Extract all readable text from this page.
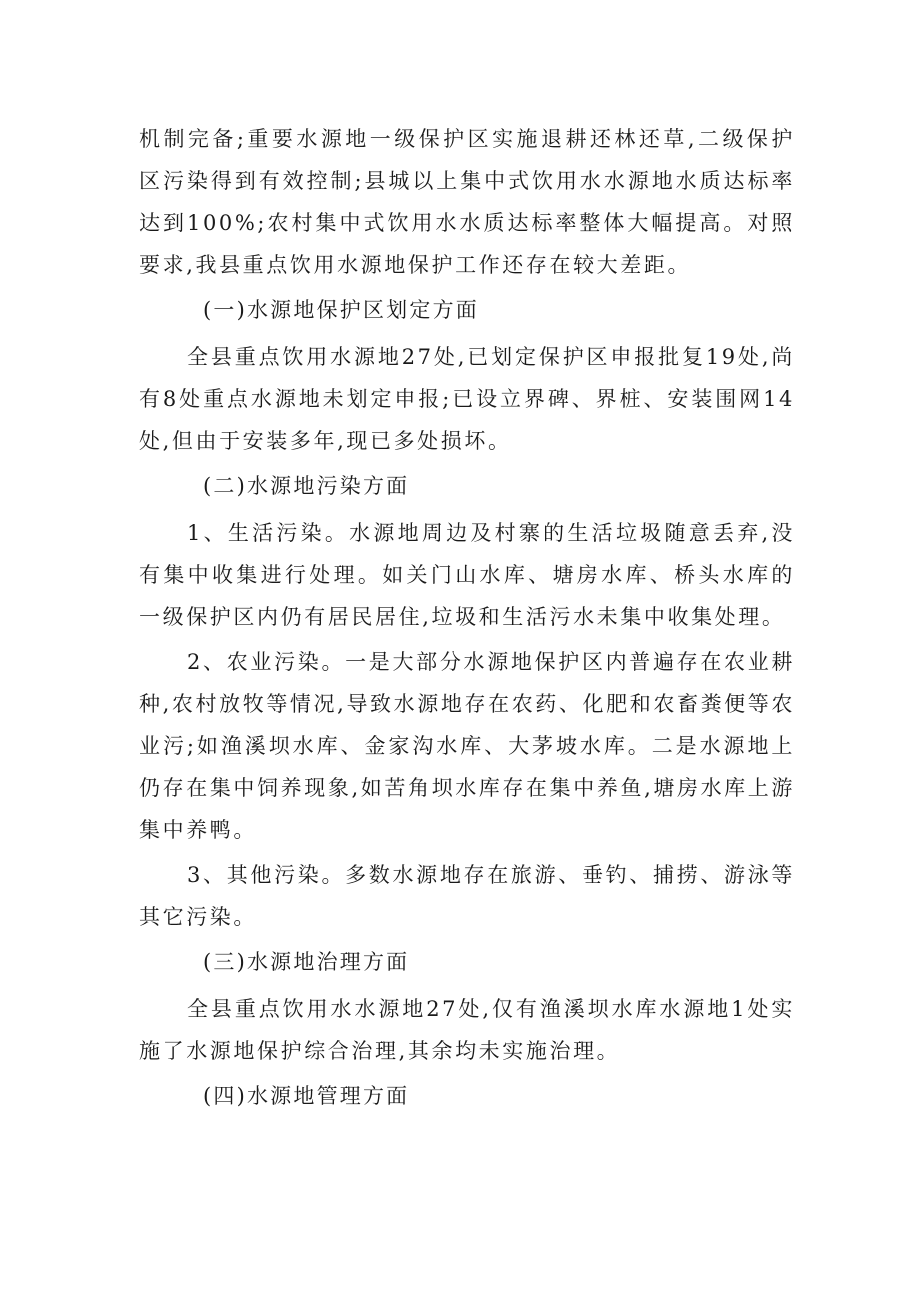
机制完备;重要水源地一级保护区实施退耕还林还草,二级保护区污染得到有效控制;县城以上集中式饮用水水源地水质达标率达到100%;农村集中式饮用水水质达标率整体大幅提高。对照要求,我县重点饮用水源地保护工作还存在较大差距。

(一)水源地保护区划定方面

全县重点饮用水源地27处,已划定保护区申报批复19处,尚有8处重点水源地未划定申报;已设立界碑、界桩、安装围网14处,但由于安装多年,现已多处损坏。

(二)水源地污染方面

1、生活污染。水源地周边及村寨的生活垃圾随意丢弃,没有集中收集进行处理。如关门山水库、塘房水库、桥头水库的一级保护区内仍有居民居住,垃圾和生活污水未集中收集处理。

2、农业污染。一是大部分水源地保护区内普遍存在农业耕种,农村放牧等情况,导致水源地存在农药、化肥和农畜粪便等农业污;如渔溪坝水库、金家沟水库、大茅坡水库。二是水源地上仍存在集中饲养现象,如苦角坝水库存在集中养鱼,塘房水库上游集中养鸭。

3、其他污染。多数水源地存在旅游、垂钓、捕捞、游泳等其它污染。

(三)水源地治理方面

全县重点饮用水水源地27处,仅有渔溪坝水库水源地1处实施了水源地保护综合治理,其余均未实施治理。

(四)水源地管理方面
